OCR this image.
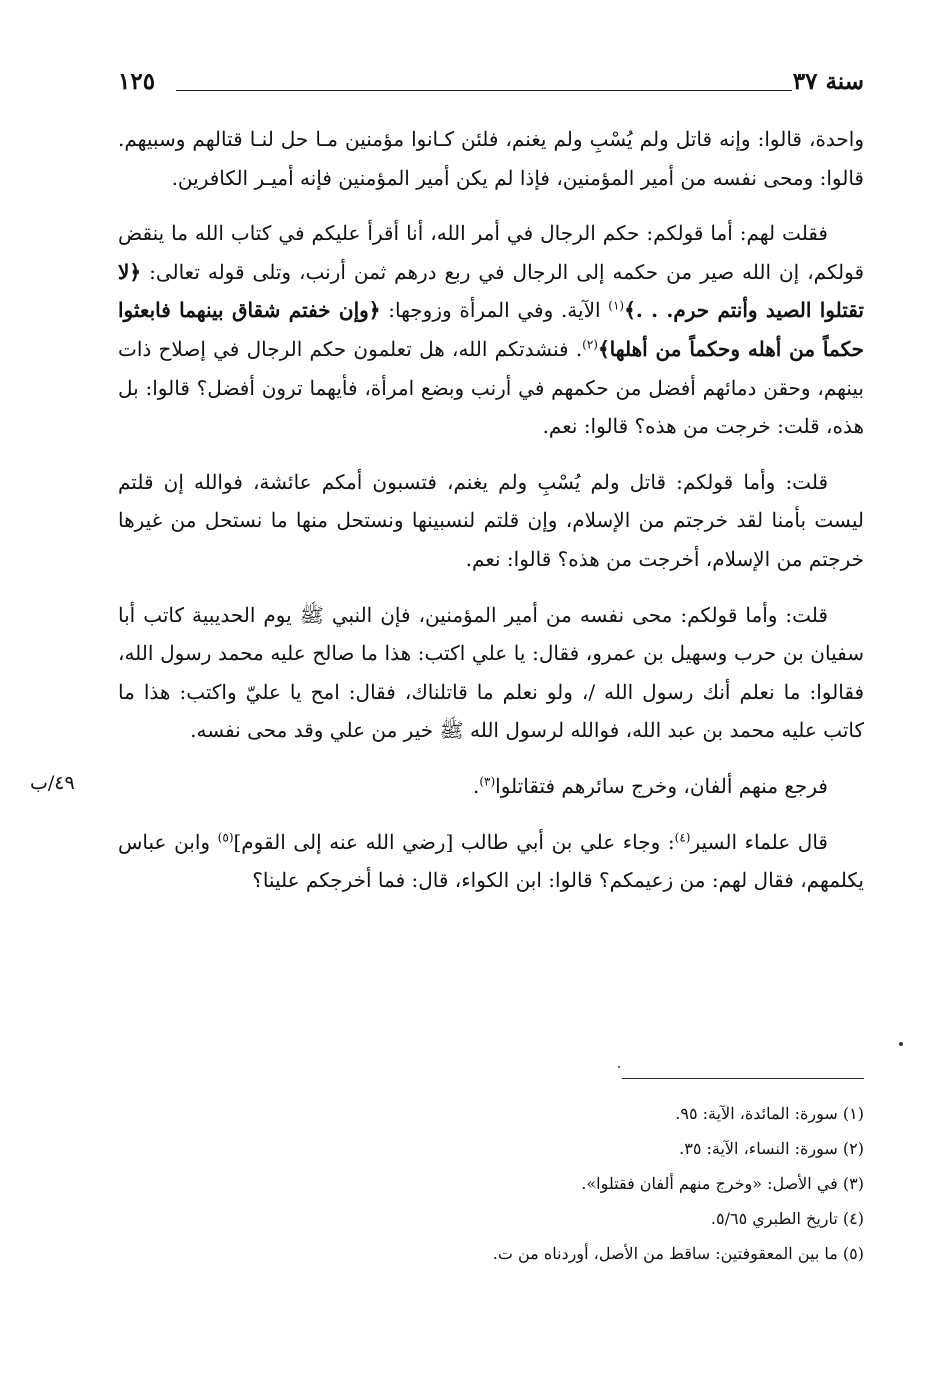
سنة ٣٧
١٢٥

واحدة، قالوا: وإنه قاتل ولم يُسْبِ ولم يغنم، فلئن كـانوا مؤمنين مـا حل لنـا قتالهم وسبيهم. قالوا: ومحى نفسه من أمير المؤمنين، فإذا لم يكن أمير المؤمنين فإنه أميـر الكافرين.

فقلت لهم: أما قولكم: حكم الرجال في أمر الله، أنا أقرأ عليكم في كتاب الله ما ينقض قولكم، إن الله صير من حكمه إلى الرجال في ربع درهم ثمن أرنب، وتلى قوله تعالى: ﴿لا تقتلوا الصيد وأنتم حرم. . .﴾$^{(١)}$ الآية. وفي المرأة وزوجها: ﴿وإن خفتم شقاق بينهما فابعثوا حكماً من أهله وحكماً من أهلها﴾$^{(٢)}$. فنشدتكم الله، هل تعلمون حكم الرجال في إصلاح ذات بينهم، وحقن دمائهم أفضل من حكمهم في أرنب وبضع امرأة، فأيهما ترون أفضل؟ قالوا: بل هذه، قلت: خرجت من هذه؟ قالوا: نعم.

قلت: وأما قولكم: قاتل ولم يُسْبِ ولم يغنم، فتسبون أمكم عائشة، فوالله إن قلتم ليست بأمنا لقد خرجتم من الإسلام، وإن قلتم لنسبينها ونستحل منها ما نستحل من غيرها خرجتم من الإسلام، أخرجت من هذه؟ قالوا: نعم.

قلت: وأما قولكم: محى نفسه من أمير المؤمنين، فإن النبي ﷺ يوم الحديبية كاتب أبا سفيان بن حرب وسهيل بن عمرو، فقال: يا علي اكتب: هذا ما صالح عليه محمد رسول الله، فقالوا: ما نعلم أنك رسول الله /، ولو نعلم ما قاتلناك، فقال: امح يا عليّ واكتب: هذا ما كاتب عليه محمد بن عبد الله، فوالله لرسول الله ﷺ خير من علي وقد محى نفسه.

فرجع منهم ألفان، وخرج سائرهم فتقاتلوا$^{(٣)}$.

قال علماء السير$^{(٤)}$: وجاء علي بن أبي طالب [رضي الله عنه إلى القوم]$^{(٥)}$ وابن عباس يكلمهم، فقال لهم: من زعيمكم؟ قالوا: ابن الكواء، قال: فما أخرجكم علينا؟

٤٩/ب
(١) سورة: المائدة، الآية: ٩٥.
(٢) سورة: النساء، الآية: ٣٥.
(٣) في الأصل: «وخرج منهم ألفان فقتلوا».
(٤) تاريخ الطبري ٥/٦٥.
(٥) ما بين المعقوفتين: ساقط من الأصل، أوردناه من ت.
